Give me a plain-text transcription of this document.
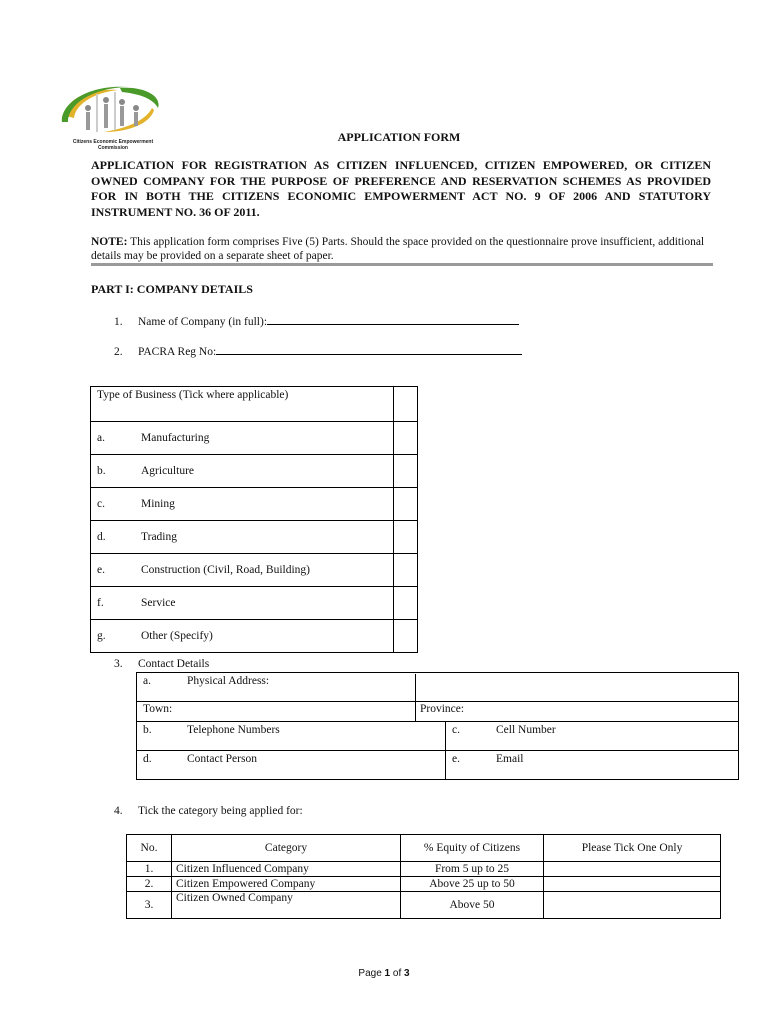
Citizens Economic Empowerment Commission
APPLICATION FORM
APPLICATION FOR REGISTRATION AS CITIZEN INFLUENCED, CITIZEN EMPOWERED, OR CITIZEN OWNED COMPANY FOR THE PURPOSE OF PREFERENCE AND RESERVATION SCHEMES AS PROVIDED FOR IN BOTH THE CITIZENS ECONOMIC EMPOWERMENT ACT NO. 9 OF 2006 AND STATUTORY INSTRUMENT NO. 36 OF 2011.
NOTE: This application form comprises Five (5) Parts. Should the space provided on the questionnaire prove insufficient, additional details may be provided on a separate sheet of paper.
PART I: COMPANY DETAILS
1. Name of Company (in full):
2. PACRA Reg No:
Type of Business (Tick where applicable)	
a. Manufacturing	
b. Agriculture	
c. Mining	
d. Trading	
e. Construction (Civil, Road, Building)	
f. Service	
g. Other (Specify)	
3. Contact Details
a. Physical Address:	
Town: Province:	

b. Telephone Numbers	c. Cell Number
d. Contact Person	e. Email
4. Tick the category being applied for:
No.	Category	% Equity of Citizens	Please Tick One Only
1.	Citizen Influenced Company	From 5 up to 25	
2.	Citizen Empowered Company	Above 25 up to 50	
3.	Citizen Owned Company	Above 50	
Page 1 of 3
